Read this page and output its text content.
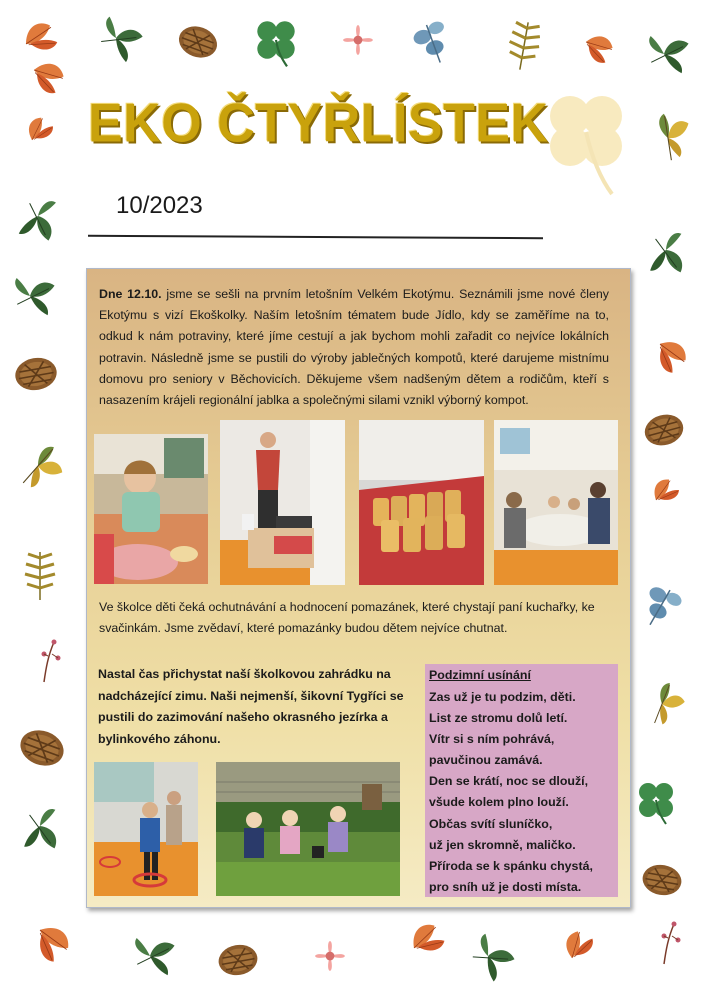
EKO ČTYŘLÍSTEK
10/2023
Dne 12.10. jsme se sešli na prvním letošním Velkém Ekotýmu. Seznámili jsme nové členy Ekotýmu s vizí Ekoškolky. Naším letošním tématem bude Jídlo, kdy se zaměříme na to, odkud k nám potraviny, které jíme cestují a jak bychom mohli zařadit co nejvíce lokálních potravin. Následně jsme se pustili do výroby jablečných kompotů, které darujeme mistnímu domovu pro seniory v Běchovicích. Děkujeme všem nadšeným dětem a rodičům, kteří s nasazením krájeli regionální jablka a společnými silami vznikl výborný kompot.
Ve školce děti čeká ochutnávání a hodnocení pomazánek, které chystají paní kuchařky, ke svačinkám. Jsme zvědaví, které pomazánky budou dětem nejvíce chutnat.
Nastal čas přichystat naší školkovou zahrádku na nadcházející zimu. Naši nejmenší, šikovní Tygříci se pustili do zazimování našeho okrasného jezírka a bylinkového záhonu.
Podzimní usínání
Zas už je tu podzim, děti.
List ze stromu dolů letí.
Vítr si s ním pohrává,
pavučinou zamává.
Den se krátí, noc se dlouží,
všude kolem plno louží.
Občas svítí sluníčko,
už jen skromně, maličko.
Příroda se k spánku chystá,
pro sníh už je dosti místa.
